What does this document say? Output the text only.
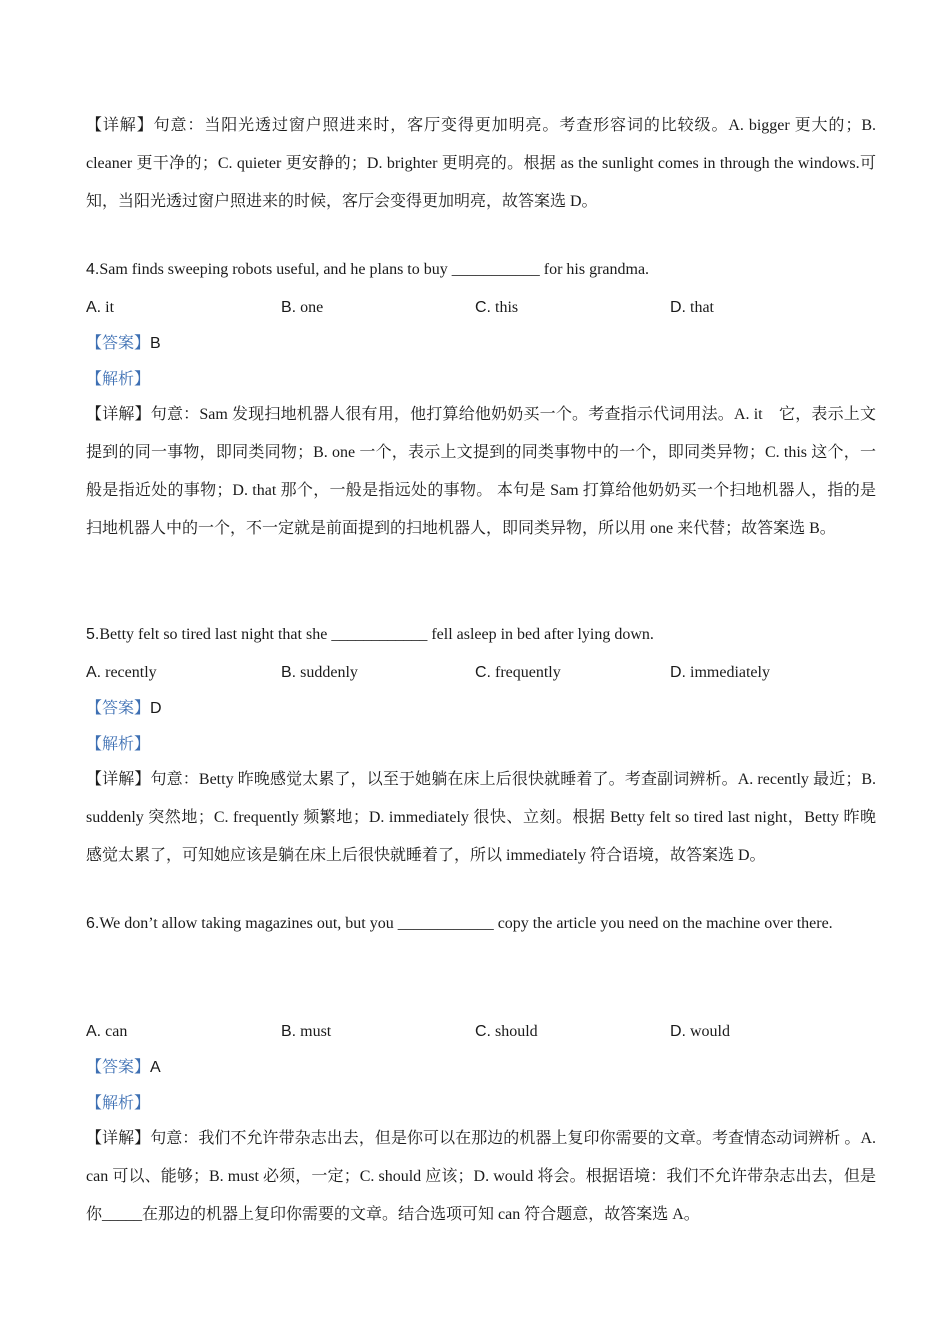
【详解】句意：当阳光透过窗户照进来时，客厅变得更加明亮。考查形容词的比较级。A. bigger 更大的；B. cleaner 更干净的；C. quieter 更安静的；D. brighter 更明亮的。根据 as the sunlight comes in through the windows.可知，当阳光透过窗户照进来的时候，客厅会变得更加明亮，故答案选 D。
4.Sam finds sweeping robots useful, and he plans to buy ___________ for his grandma.
A. it	B. one	C. this	D. that
【答案】B
【解析】
【详解】句意：Sam 发现扫地机器人很有用，他打算给他奶奶买一个。考查指示代词用法。A. it　它，表示上文提到的同一事物，即同类同物；B. one 一个，表示上文提到的同类事物中的一个，即同类异物；C. this 这个，一般是指近处的事物；D. that 那个，一般是指远处的事物。 本句是 Sam 打算给他奶奶买一个扫地机器人，指的是扫地机器人中的一个，不一定就是前面提到的扫地机器人，即同类异物，所以用 one 来代替；故答案选 B。
5.Betty felt so tired last night that she ____________ fell asleep in bed after lying down.
A. recently	B. suddenly	C. frequently	D. immediately
【答案】D
【解析】
【详解】句意：Betty 昨晚感觉太累了，以至于她躺在床上后很快就睡着了。考查副词辨析。A. recently 最近；B. suddenly 突然地；C. frequently 频繁地；D. immediately 很快、立刻。根据 Betty felt so tired last night，Betty 昨晚感觉太累了，可知她应该是躺在床上后很快就睡着了，所以 immediately 符合语境，故答案选 D。
6.We don’t allow taking magazines out, but you ____________ copy the article you need on the machine over there.
A. can	B. must	C. should	D. would
【答案】A
【解析】
【详解】句意：我们不允许带杂志出去，但是你可以在那边的机器上复印你需要的文章。考查情态动词辨析 。A. can 可以、能够；B. must 必须，一定；C. should 应该；D. would 将会。根据语境：我们不允许带杂志出去，但是你_____在那边的机器上复印你需要的文章。结合选项可知 can 符合题意，故答案选 A。
